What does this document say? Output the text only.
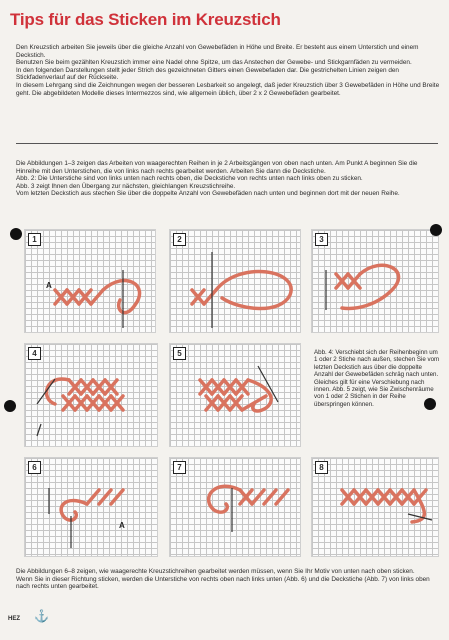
Tips für das Sticken im Kreuzstich

Den Kreuzstich arbeiten Sie jeweils über die gleiche Anzahl von Gewebefäden in Höhe und Breite. Er besteht aus einem Unterstich und einem Deckstich.

Benutzen Sie beim gezählten Kreuzstich immer eine Nadel ohne Spitze, um das Anstechen der Gewebe- und Stickgarnfäden zu vermeiden.

In den folgenden Darstellungen stellt jeder Strich des gezeichneten Gitters einen Gewebefaden dar. Die gestrichelten Linien zeigen den Stickfadenverlauf auf der Rückseite.

In diesem Lehrgang sind die Zeichnungen wegen der besseren Lesbarkeit so angelegt, daß jeder Kreuzstich über 3 Gewebefäden in Höhe und Breite geht. Die abgebildeten Modelle dieses Intermezzos sind, wie allgemein üblich, über 2 x 2 Gewebefäden gearbeitet.

Die Abbildungen 1–3 zeigen das Arbeiten von waagerechten Reihen in je 2 Arbeitsgängen von oben nach unten. Am Punkt A beginnen Sie die Hinreihe mit den Unterstichen, die von links nach rechts gearbeitet werden. Arbeiten Sie dann die Deckstiche.

Abb. 2: Die Unterstiche sind von links unten nach rechts oben, die Deckstiche von rechts unten nach links oben zu sticken.

Abb. 3 zeigt Ihnen den Übergang zur nächsten, gleichlangen Kreuzstichreihe.

Vom letzten Deckstich aus stechen Sie über die doppelte Anzahl von Gewebefäden nach unten und beginnen dort mit der neuen Reihe.

1
A
2	3
4	5	Abb. 4: Verschiebt sich der Reihenbeginn um 1 oder 2 Stiche nach außen, stechen Sie vom letzten Deckstich aus über die doppelte Anzahl der Gewebefäden schräg nach unten. Gleiches gilt für eine Verschiebung nach innen. Abb. 5 zeigt, wie Sie Zwischenräume von 1 oder 2 Stichen in der Reihe überspringen können.
6
A
7	8

Die Abbildungen 6–8 zeigen, wie waagerechte Kreuzstichreihen gearbeitet werden müssen, wenn Sie Ihr Motiv von unten nach oben sticken.

Wenn Sie in dieser Richtung sticken, werden die Unterstiche von rechts oben nach links unten (Abb. 6) und die Deckstiche (Abb. 7) von links oben nach rechts unten gearbeitet.

HEZ ⚓
